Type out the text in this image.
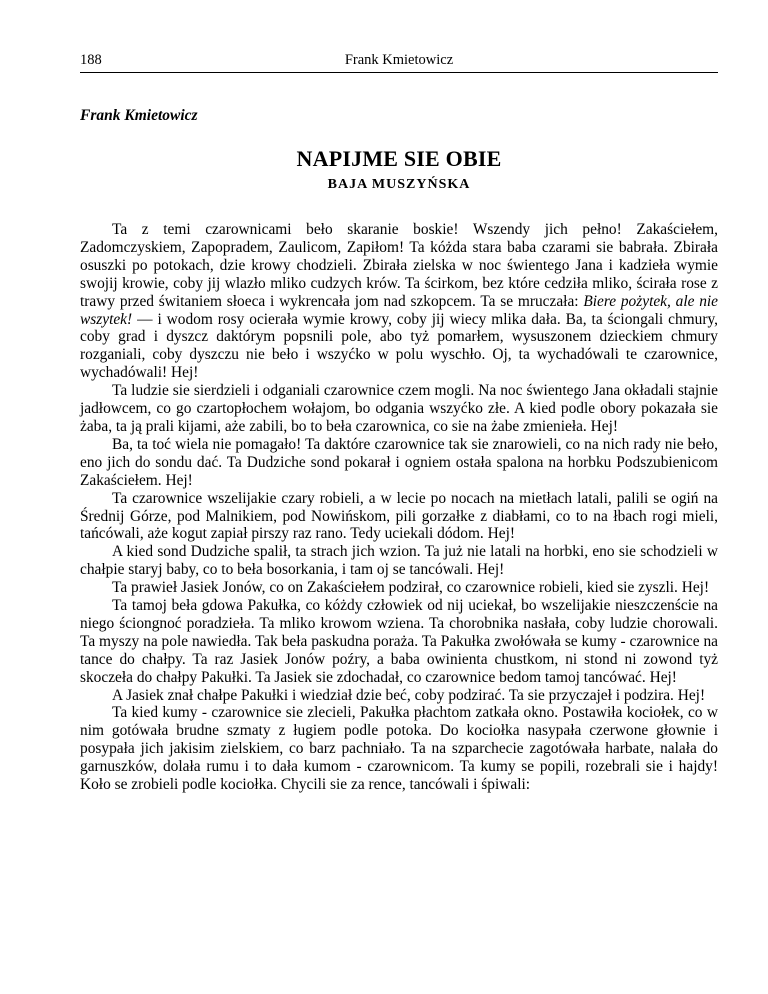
188	Frank Kmietowicz
Frank Kmietowicz
NAPIJME SIE OBIE
BAJA MUSZYŃSKA

Ta z temi czarownicami beło skaranie boskie! Wszendy jich pełno! Zakaściełem, Zadomczyskiem, Zapopradem, Zaulicom, Zapiłom! Ta kóżda stara baba czarami sie babrała. Zbirała osuszki po potokach, dzie krowy chodzieli. Zbirała zielska w noc świentego Jana i kadzieła wymie swojij krowie, coby jij wlazło mliko cudzych krów. Ta ścirkom, bez które cedziła mliko, ścirała rose z trawy przed świtaniem słoeca i wykrencała jom nad szkopcem. Ta se mruczała: Biere pożytek, ale nie wszytek! — i wodom rosy ocierała wymie krowy, coby jij wiecy mlika dała. Ba, ta ściongali chmury, coby grad i dyszcz daktórym popsnili pole, abo tyż pomarłem, wysuszonem dzieckiem chmury rozganiali, coby dyszczu nie beło i wszyćko w polu wyschło. Oj, ta wychadówali te czarownice, wychadówali! Hej!

Ta ludzie sie sierdzieli i odganiali czarownice czem mogli. Na noc świentego Jana okładali stajnie jadłowcem, co go czartopłochem wołajom, bo odgania wszyćko złe. A kied podle obory pokazała sie żaba, ta ją prali kijami, aże zabili, bo to beła czarownica, co sie na żabe zmienieła. Hej!

Ba, ta toć wiela nie pomagało! Ta daktóre czarownice tak sie znarowieli, co na nich rady nie beło, eno jich do sondu dać. Ta Dudziche sond pokarał i ogniem ostała spalona na horbku Podszubienicom Zakaściełem. Hej!

Ta czarownice wszelijakie czary robieli, a w lecie po nocach na mietłach latali, palili se ogiń na Średnij Górze, pod Malnikiem, pod Nowińskom, pili gorzałke z diabłami, co to na łbach rogi mieli, tańcówali, aże kogut zapiał pirszy raz rano. Tedy uciekali dódom. Hej!

A kied sond Dudziche spalił, ta strach jich wzion. Ta już nie latali na horbki, eno sie schodzieli w chałpie staryj baby, co to beła bosorkania, i tam oj se tancówali. Hej!

Ta prawieł Jasiek Jonów, co on Zakaściełem podzirał, co czarownice robieli, kied sie zyszli. Hej!

Ta tamoj beła gdowa Pakułka, co kóżdy człowiek od nij uciekał, bo wszelijakie nieszczenście na niego ściongnoć poradzieła. Ta mliko krowom wziena. Ta chorobnika nasłała, coby ludzie chorowali. Ta myszy na pole nawiedła. Tak beła paskudna poraża. Ta Pakułka zwołówała se kumy - czarownice na tance do chałpy. Ta raz Jasiek Jonów poźry, a baba owinienta chustkom, ni stond ni zowond tyż skoczeła do chałpy Pakułki. Ta Jasiek sie zdochadał, co czarownice bedom tamoj tancówać. Hej!

A Jasiek znał chałpe Pakułki i wiedział dzie beć, coby podzirać. Ta sie przyczajeł i podzira. Hej!

Ta kied kumy - czarownice sie zlecieli, Pakułka płachtom zatkała okno. Postawiła kociołek, co w nim gotówała brudne szmaty z ługiem podle potoka. Do kociołka nasypała czerwone głownie i posypała jich jakisim zielskiem, co barz pachniało. Ta na szparchecie zagotówała harbate, nalała do garnuszków, dolała rumu i to dała kumom - czarownicom. Ta kumy se popili, rozebrali sie i hajdy! Koło se zrobieli podle kociołka. Chycili sie za rence, tancówali i śpiwali:
